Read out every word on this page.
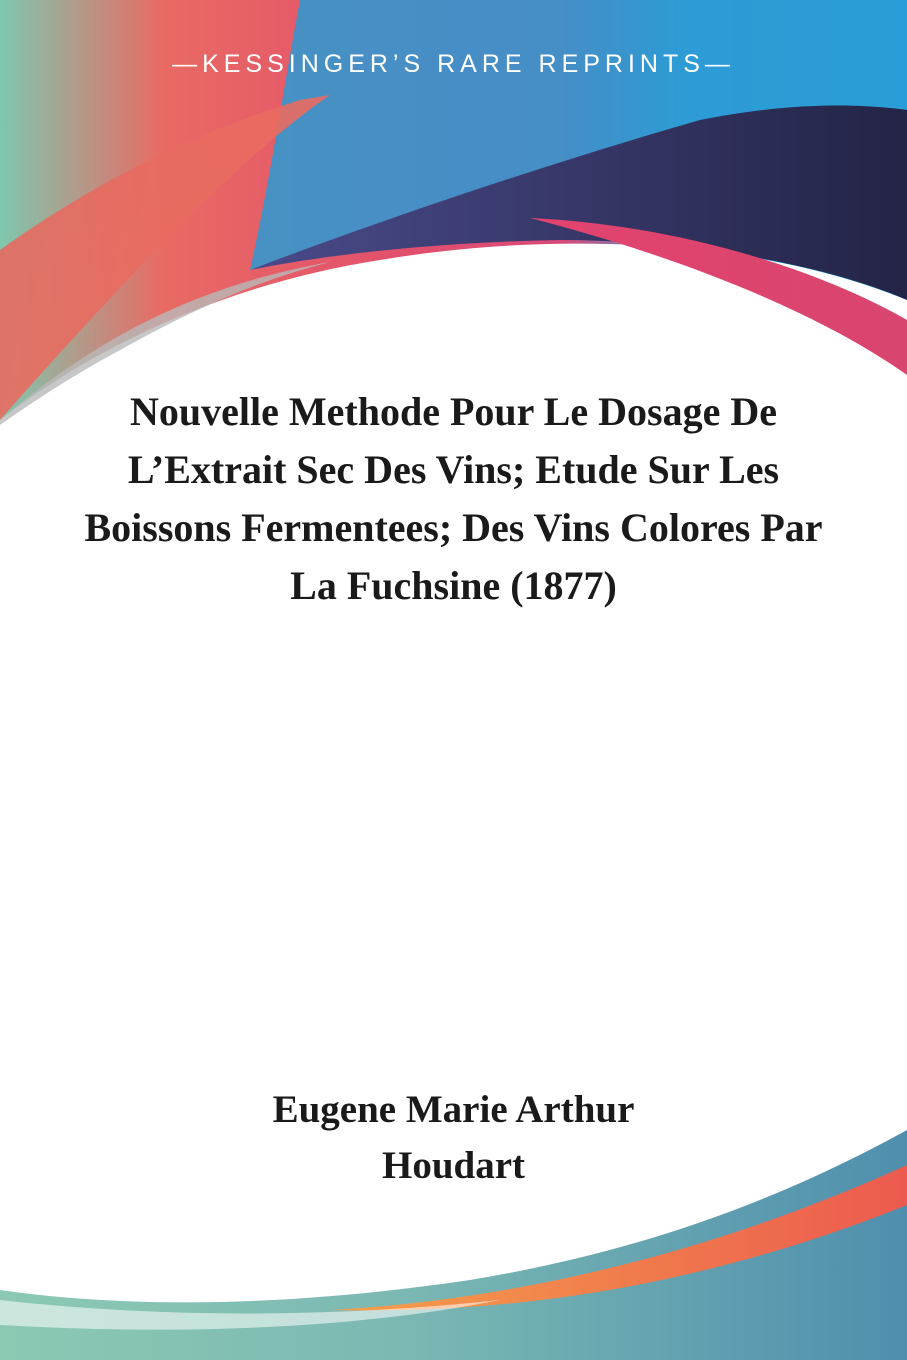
—KESSINGER’S RARE REPRINTS—
Nouvelle Methode Pour Le Dosage De L’Extrait Sec Des Vins; Etude Sur Les Boissons Fermentees; Des Vins Colores Par La Fuchsine (1877)
Eugene Marie Arthur
Houdart
